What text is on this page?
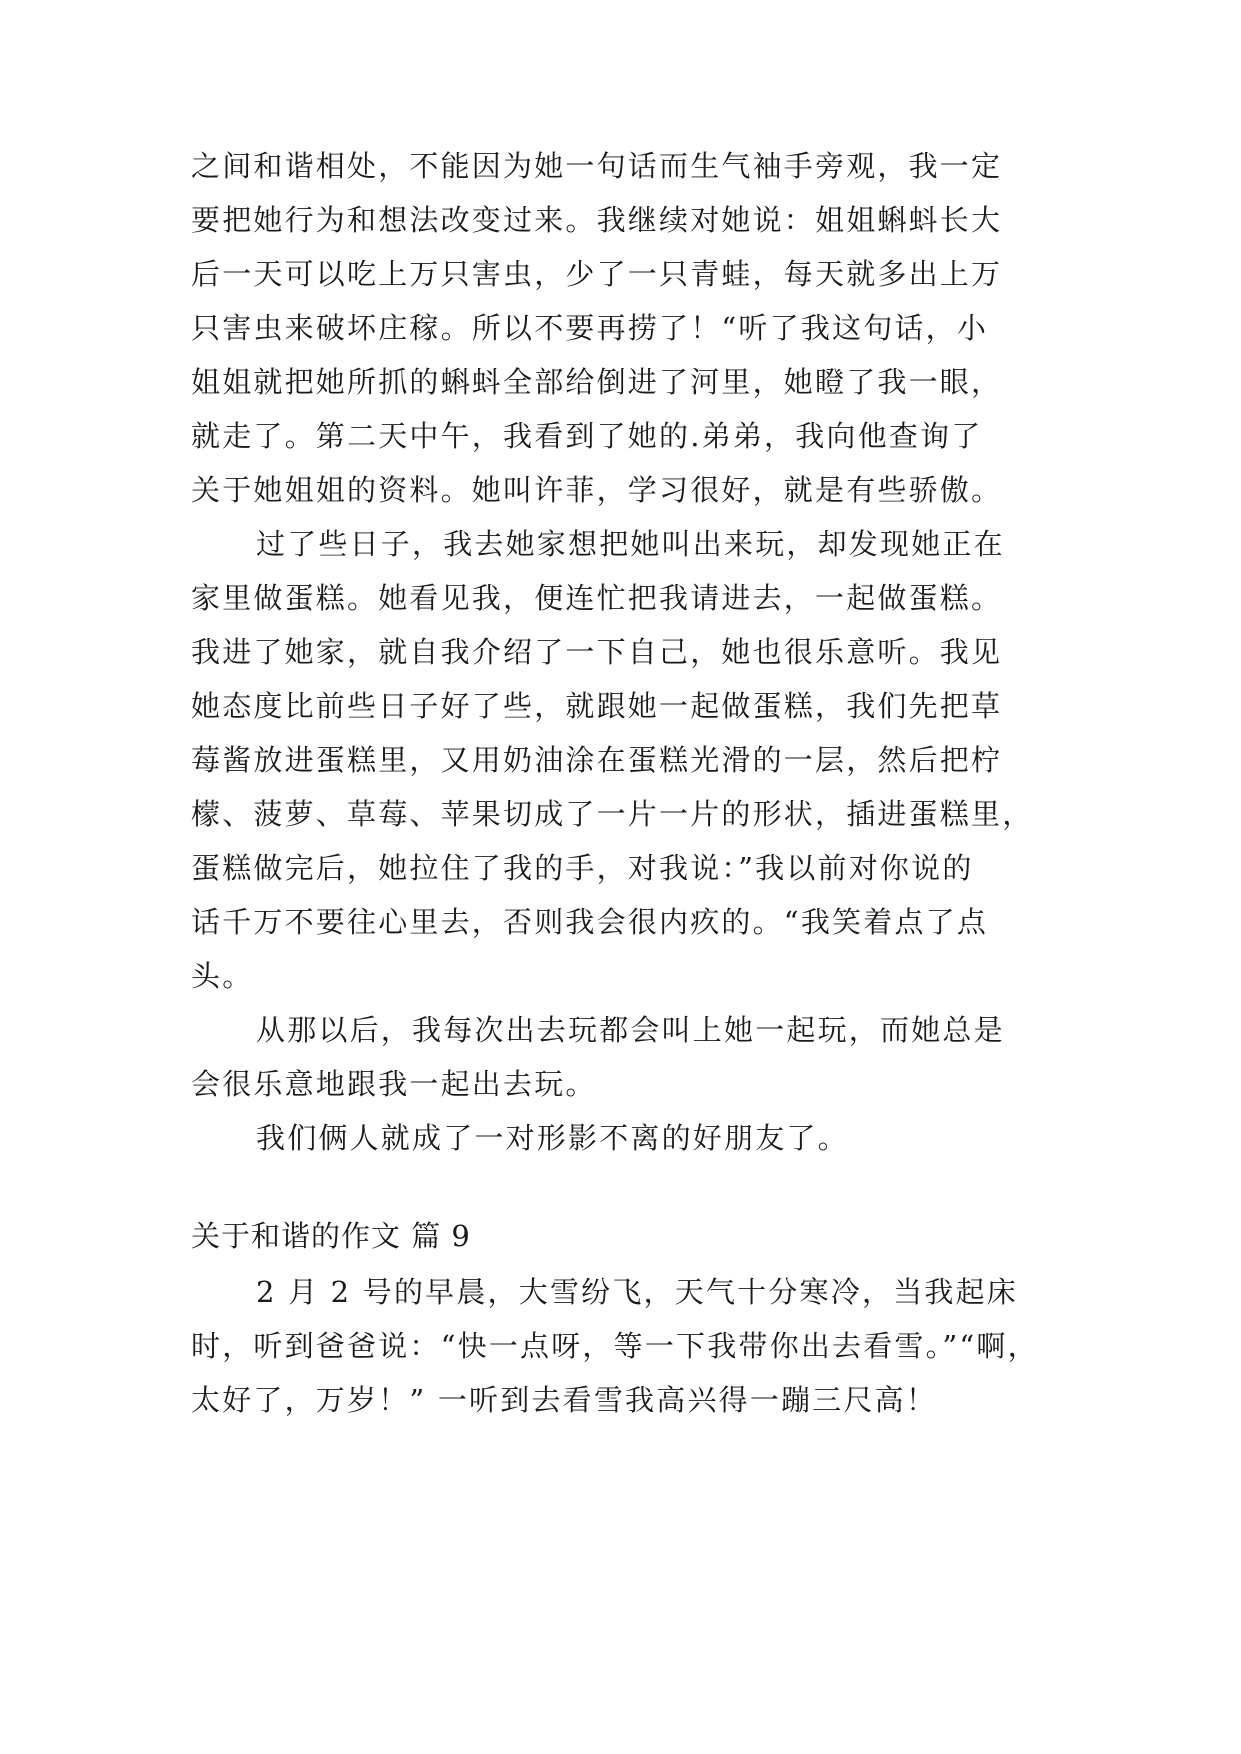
之间和谐相处，不能因为她一句话而生气袖手旁观，我一定
要把她行为和想法改变过来。我继续对她说：姐姐蝌蚪长大
后一天可以吃上万只害虫，少了一只青蛙，每天就多出上万
只害虫来破坏庄稼。所以不要再捞了！“听了我这句话，小
姐姐就把她所抓的蝌蚪全部给倒进了河里，她瞪了我一眼，
就走了。第二天中午，我看到了她的.弟弟，我向他查询了
关于她姐姐的资料。她叫许菲，学习很好，就是有些骄傲。
过了些日子，我去她家想把她叫出来玩，却发现她正在
家里做蛋糕。她看见我，便连忙把我请进去，一起做蛋糕。
我进了她家，就自我介绍了一下自己，她也很乐意听。我见
她态度比前些日子好了些，就跟她一起做蛋糕，我们先把草
莓酱放进蛋糕里，又用奶油涂在蛋糕光滑的一层，然后把柠
檬、菠萝、草莓、苹果切成了一片一片的形状，插进蛋糕里，
蛋糕做完后，她拉住了我的手，对我说：”我以前对你说的
话千万不要往心里去，否则我会很内疚的。“我笑着点了点
头。
从那以后，我每次出去玩都会叫上她一起玩，而她总是
会很乐意地跟我一起出去玩。
我们俩人就成了一对形影不离的好朋友了。
关于和谐的作文 篇 9
2 月 2 号的早晨，大雪纷飞，天气十分寒冷，当我起床
时，听到爸爸说：“快一点呀，等一下我带你出去看雪。”“啊，
太好了，万岁！” 一听到去看雪我高兴得一蹦三尺高！
